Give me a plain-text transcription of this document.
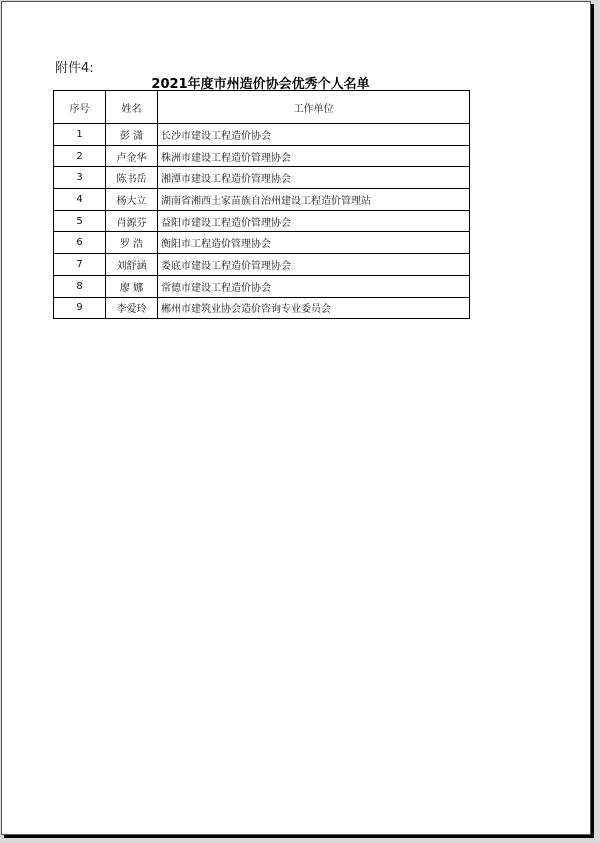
附件4:
2021年度市州造价协会优秀个人名单
序号	姓名	工作单位
1	彭 潇	长沙市建设工程造价协会
2	卢金华	株洲市建设工程造价管理协会
3	陈书岳	湘潭市建设工程造价管理协会
4	杨大立	湖南省湘西土家苗族自治州建设工程造价管理站
5	肖源芬	益阳市建设工程造价管理协会
6	罗 浩	衡阳市工程造价管理协会
7	刘舒涵	娄底市建设工程造价管理协会
8	廖 娜	常德市建设工程造价协会
9	李爱玲	郴州市建筑业协会造价咨询专业委员会
